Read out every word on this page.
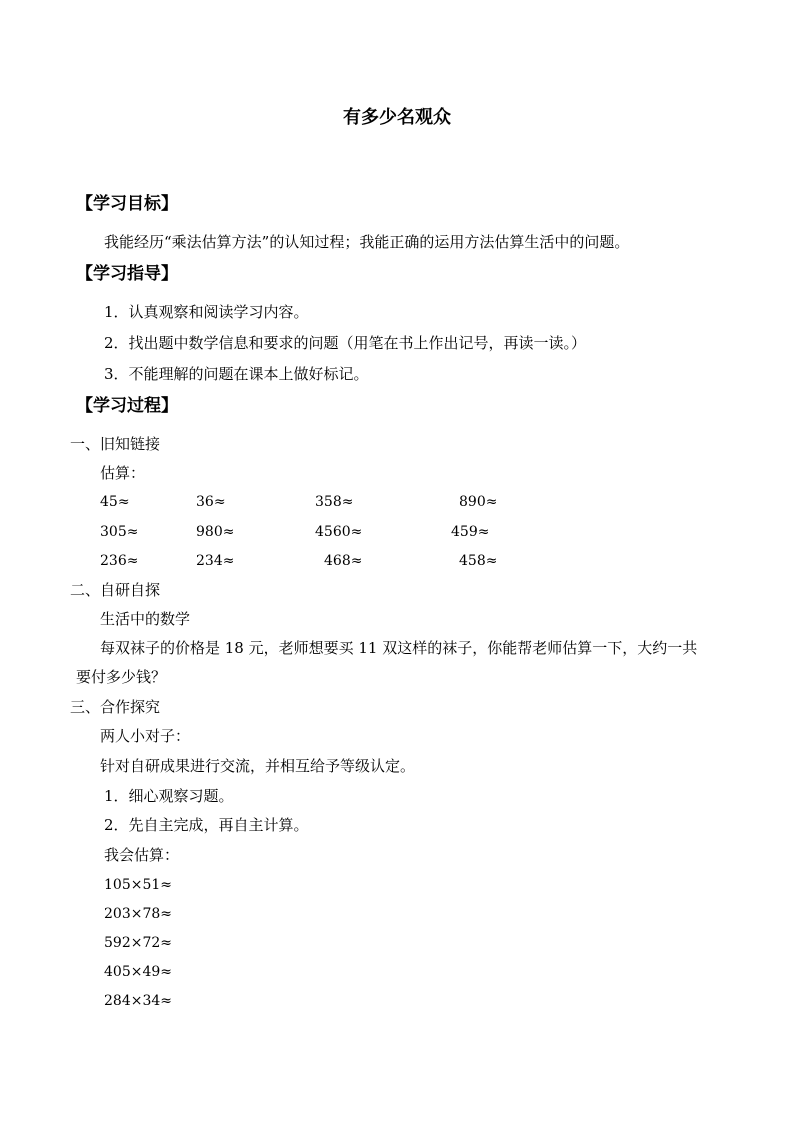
有多少名观众
【学习目标】
我能经历“乘法估算方法”的认知过程；我能正确的运用方法估算生活中的问题。
【学习指导】
1．认真观察和阅读学习内容。
2．找出题中数学信息和要求的问题（用笔在书上作出记号，再读一读。）
3．不能理解的问题在课本上做好标记。
【学习过程】
一、旧知链接
估算：
45≈	36≈	358≈	890≈
305≈	980≈	4560≈	459≈
236≈	234≈	468≈	458≈
二、自研自探
生活中的数学
每双袜子的价格是 18 元，老师想要买 11 双这样的袜子，你能帮老师估算一下，大约一共
要付多少钱？
三、合作探究
两人小对子：
针对自研成果进行交流，并相互给予等级认定。
1．细心观察习题。
2．先自主完成，再自主计算。
我会估算：
105×51≈
203×78≈
592×72≈
405×49≈
284×34≈
